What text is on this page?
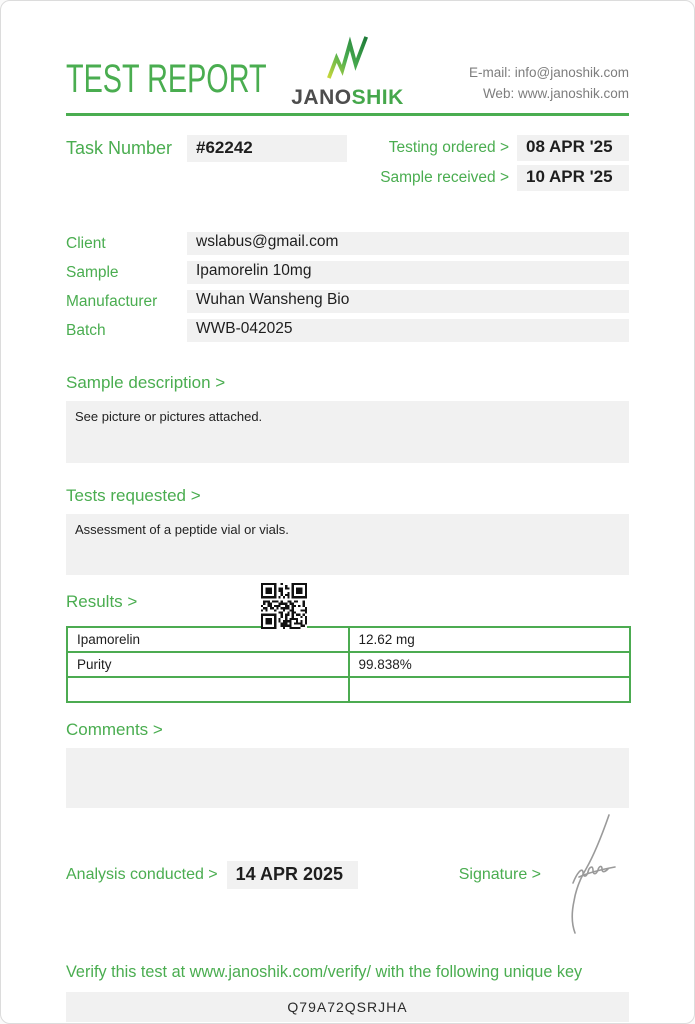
TEST REPORT	JANOSHIK
E-mail: info@janoshik.com
Web: www.janoshik.com
Task Number	#62242	Testing ordered >	08 APR '25
Sample received >	10 APR '25
Client	wslabus@gmail.com
Sample	Ipamorelin 10mg
Manufacturer	Wuhan Wansheng Bio
Batch	WWB-042025
Sample description >
See picture or pictures attached.
Tests requested >
Assessment of a peptide vial or vials.
Results >
Ipamorelin	12.62 mg
Purity	99.838%

Comments >
Analysis conducted >	14 APR 2025	Signature >
Verify this test at www.janoshik.com/verify/ with the following unique key
Q79A72QSRJHA
